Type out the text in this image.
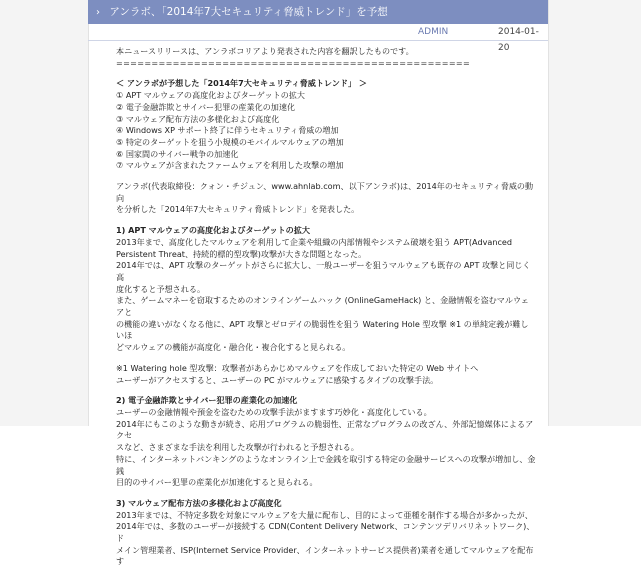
› アンラボ、「2014年7大セキュリティ脅威トレンド」を予想
ADMIN	2014-01-20

本ニュースリリースは、アンラボコリアより発表された内容を翻訳したものです。

==================================================

＜ アンラボが予想した「2014年7大セキュリティ脅威トレンド」 ＞

① APT マルウェアの高度化およびターゲットの拡大

② 電子金融詐欺とサイバー犯罪の産業化の加速化

③ マルウェア配布方法の多様化および高度化

④ Windows XP サポート終了に伴うセキュリティ脅威の増加

⑤ 特定のターゲットを狙う小規模のモバイルマルウェアの増加

⑥ 国家間のサイバー戦争の加速化

⑦ マルウェアが含まれたファームウェアを利用した攻撃の増加

アンラボ(代表取締役：クォン・チジュン、www.ahnlab.com、以下アンラボ)は、2014年のセキュリティ脅威の動向

を分析した「2014年7大セキュリティ脅威トレンド」を発表した。

1) APT マルウェアの高度化およびターゲットの拡大

2013年まで、高度化したマルウェアを利用して企業や組織の内部情報やシステム破壊を狙う APT(Advanced

Persistent Threat、持続的標的型攻撃)攻撃が大きな問題となった。

2014年では、APT 攻撃のターゲットがさらに拡大し、一般ユーザーを狙うマルウェアも既存の APT 攻撃と同じく高

度化すると予想される。

また、ゲームマネーを窃取するためのオンラインゲームハック (OnlineGameHack) と、金融情報を盗むマルウェアと

の機能の違いがなくなる他に、APT 攻撃とゼロデイの脆弱性を狙う Watering Hole 型攻撃 ※1 の単純定義が難しいほ

どマルウェアの機能が高度化・融合化・複合化すると見られる。

※1 Watering hole 型攻撃：攻撃者があらかじめマルウェアを作成しておいた特定の Web サイトへ

ユーザーがアクセスすると、ユーザーの PC がマルウェアに感染するタイプの攻撃手法。

2) 電子金融詐欺とサイバー犯罪の産業化の加速化

ユーザーの金融情報や預金を盗むための攻撃手法がますます巧妙化・高度化している。

2014年にもこのような動きが続き、応用プログラムの脆弱性、正常なプログラムの改ざん、外部記憶媒体によるアクセ

スなど、さまざまな手法を利用した攻撃が行われると予想される。

特に、インターネットバンキングのようなオンライン上で金銭を取引する特定の金融サービスへの攻撃が増加し、金銭

目的のサイバー犯罪の産業化が加速化すると見られる。

3) マルウェア配布方法の多様化および高度化

2013年までは、不特定多数を対象にマルウェアを大量に配布し、目的によって亜種を制作する場合が多かったが、

2014年では、多数のユーザーが接続する CDN(Content Delivery Network、コンテンツデリバリネットワーク)、ド

メイン管理業者、ISP(Internet Service Provider、インターネットサービス提供者)業者を通してマルウェアを配布す
